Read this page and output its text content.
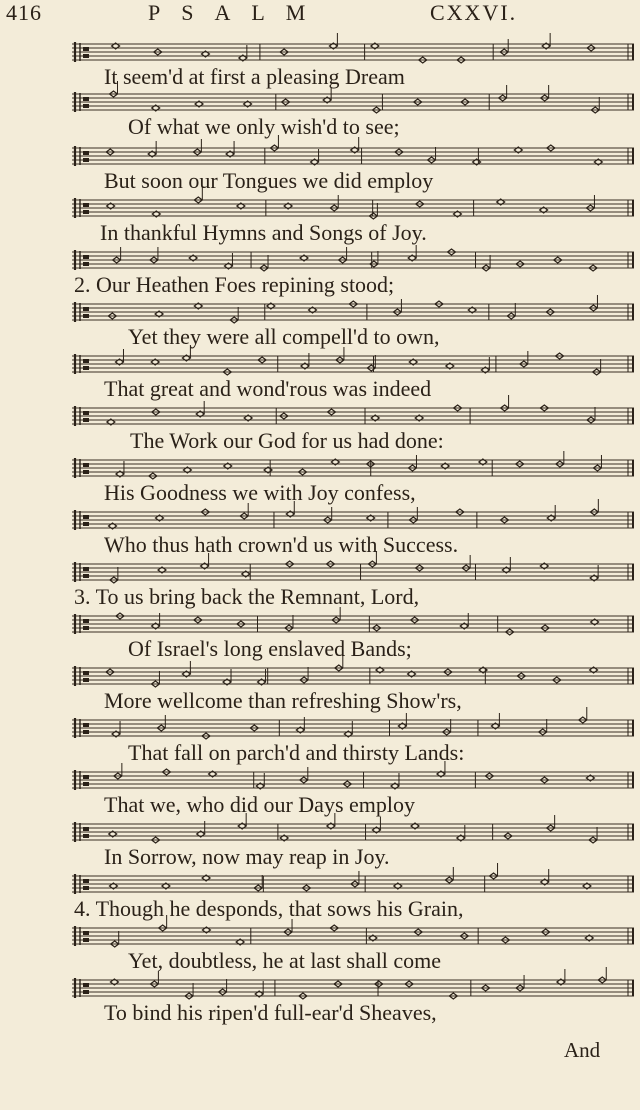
416	PSALM	CXXVI.
It seem'd at first a pleasing Dream
Of what we only wish'd to see;
But soon our Tongues we did employ
In thankful Hymns and Songs of Joy.
2. Our Heathen Foes repining stood;
Yet they were all compell'd to own,
That great and wond'rous was indeed
The Work our God for us had done:
His Goodness we with Joy confess,
Who thus hath crown'd us with Success.
3. To us bring back the Remnant, Lord,
Of Israel's long enslaved Bands;
More wellcome than refreshing Show'rs,
That fall on parch'd and thirsty Lands:
That we, who did our Days employ
In Sorrow, now may reap in Joy.
4. Though he desponds, that sows his Grain,
Yet, doubtless, he at last shall come
To bind his ripen'd full-ear'd Sheaves,
And
